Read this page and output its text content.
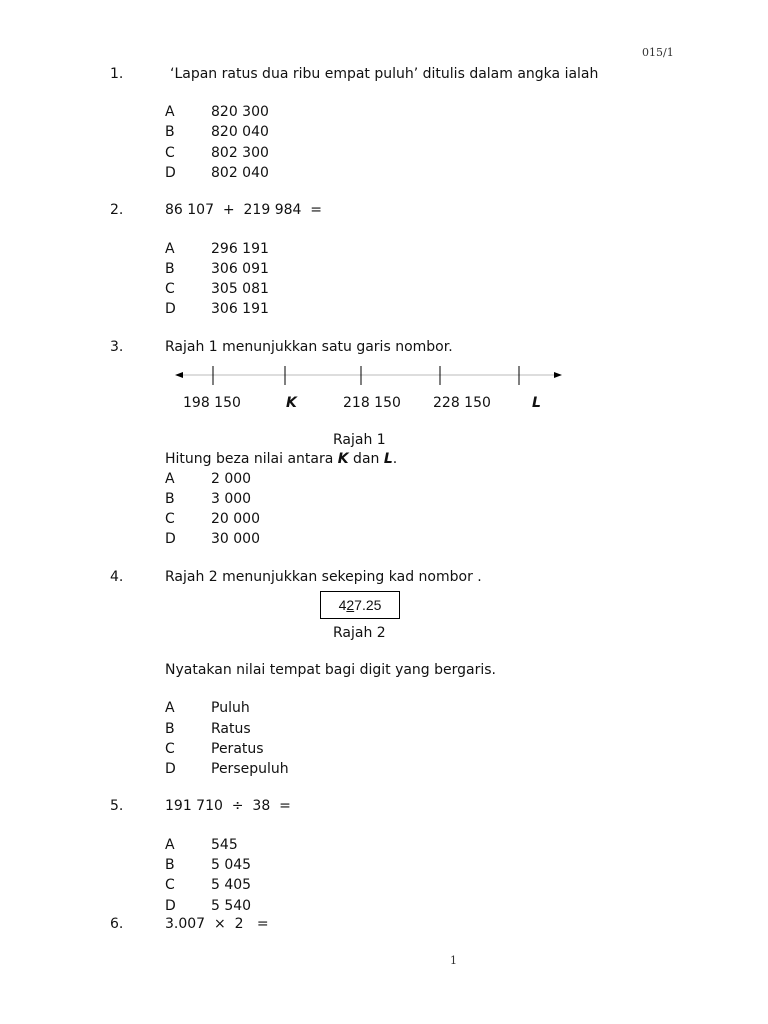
015/1
1.	‘Lapan ratus dua ribu empat puluh’ ditulis dalam angka ialah
A	820 300
B	820 040
C	802 300
D	802 040
2.	86 107  +  219 984  =
A	296 191
B	306 091
C	305 081
D	306 191
3.	Rajah 1 menunjukkan satu garis nombor.
198 150	K	218 150 228 150	L
Rajah 1
Hitung beza nilai antara K dan L.
A	2 000
B	3 000
C	20 000
D	30 000
4.	Rajah 2 menunjukkan sekeping kad nombor .
427.25
Rajah 2
Nyatakan nilai tempat bagi digit yang bergaris.
A	Puluh
B	Ratus
C	Peratus
D	Persepuluh
5.	191 710  ÷  38  =
A	545
B	5 045
C	5 405
D	5 540
6.	3.007  ×  2   =
1
